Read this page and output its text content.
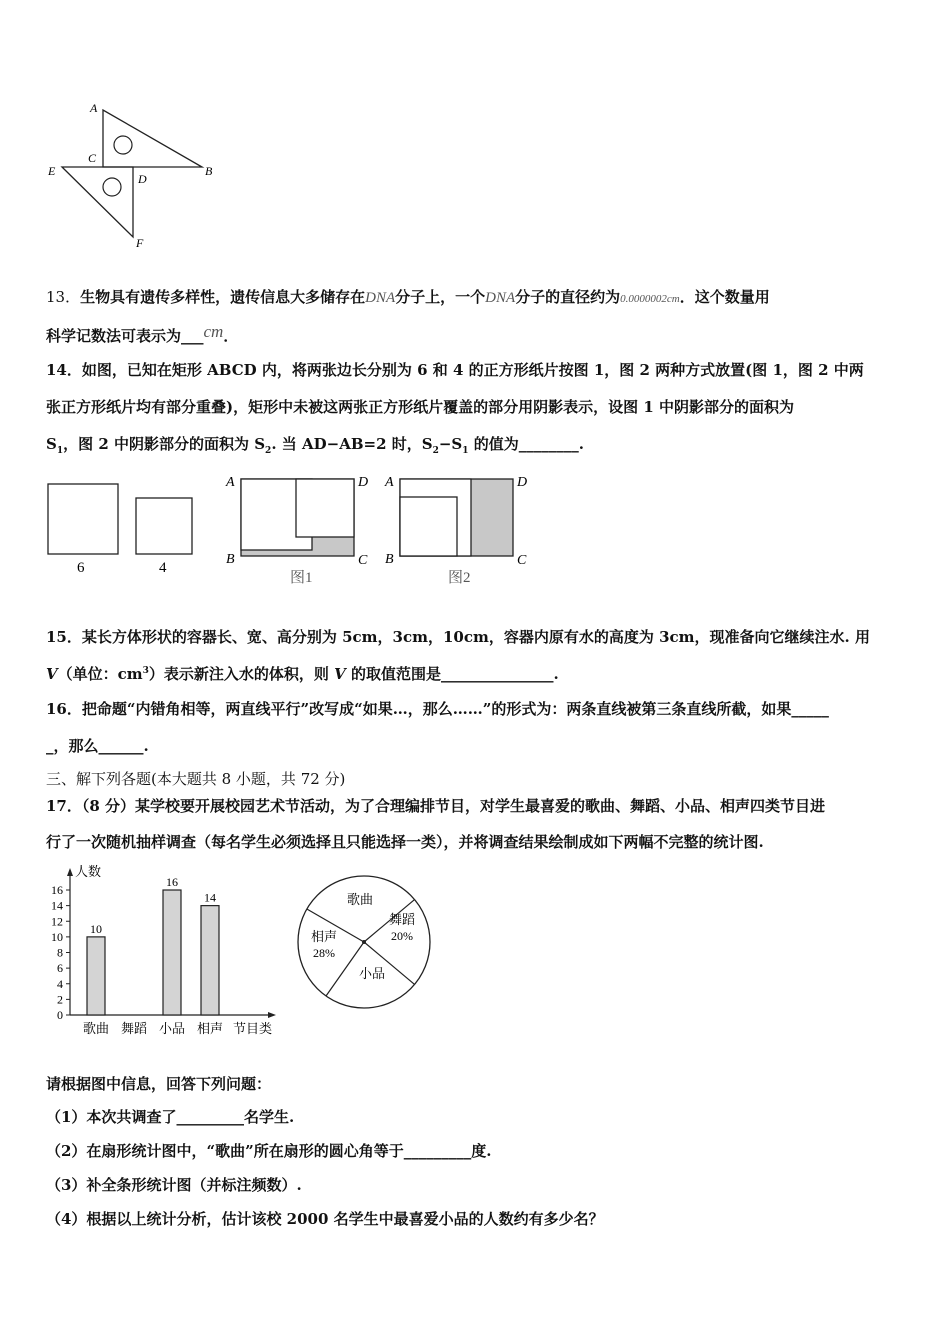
A
C
E
D
B
F
13．生物具有遗传多样性，遗传信息大多储存在DNA分子上，一个DNA分子的直径约为0.0000002cm．这个数量用
科学记数法可表示为___cm．
14．如图，已知在矩形 ABCD 内，将两张边长分别为 6 和 4 的正方形纸片按图 1，图 2 两种方式放置(图 1，图 2 中两
张正方形纸片均有部分重叠)，矩形中未被这两张正方形纸片覆盖的部分用阴影表示，设图 1 中阴影部分的面积为
$S_1$，图 2 中阴影部分的面积为 $S_2$. 当 AD−AB=2 时，$S_2-S_1$ 的值为________.
6	4
A	D
B	C
图1
A	D
B	C
图2
15．某长方体形状的容器长、宽、高分别为 5cm，3cm，10cm，容器内原有水的高度为 3cm，现准备向它继续注水. 用
V（单位：$cm^3$）表示新注入水的体积，则 V 的取值范围是_______________.
16．把命题“内错角相等，两直线平行”改写成“如果…，那么……”的形式为：两条直线被第三条直线所截，如果_____
_，那么______.
三、解下列各题(本大题共 8 小题，共 72 分)
17．（8 分）某学校要开展校园艺术节活动，为了合理编排节目，对学生最喜爱的歌曲、舞蹈、小品、相声四类节目进
行了一次随机抽样调查（每名学生必须选择且只能选择一类），并将调查结果绘制成如下两幅不完整的统计图.
人数
节目类
0
2
4
6
8
10
12
14
16
歌曲
10
舞蹈 小品
16
相声
14	歌曲
舞蹈
20%
小品
相声
28%
请根据图中信息，回答下列问题：
（1）本次共调查了_________名学生.
（2）在扇形统计图中，“歌曲”所在扇形的圆心角等于_________度.
（3）补全条形统计图（并标注频数）.
（4）根据以上统计分析，估计该校 2000 名学生中最喜爱小品的人数约有多少名？
